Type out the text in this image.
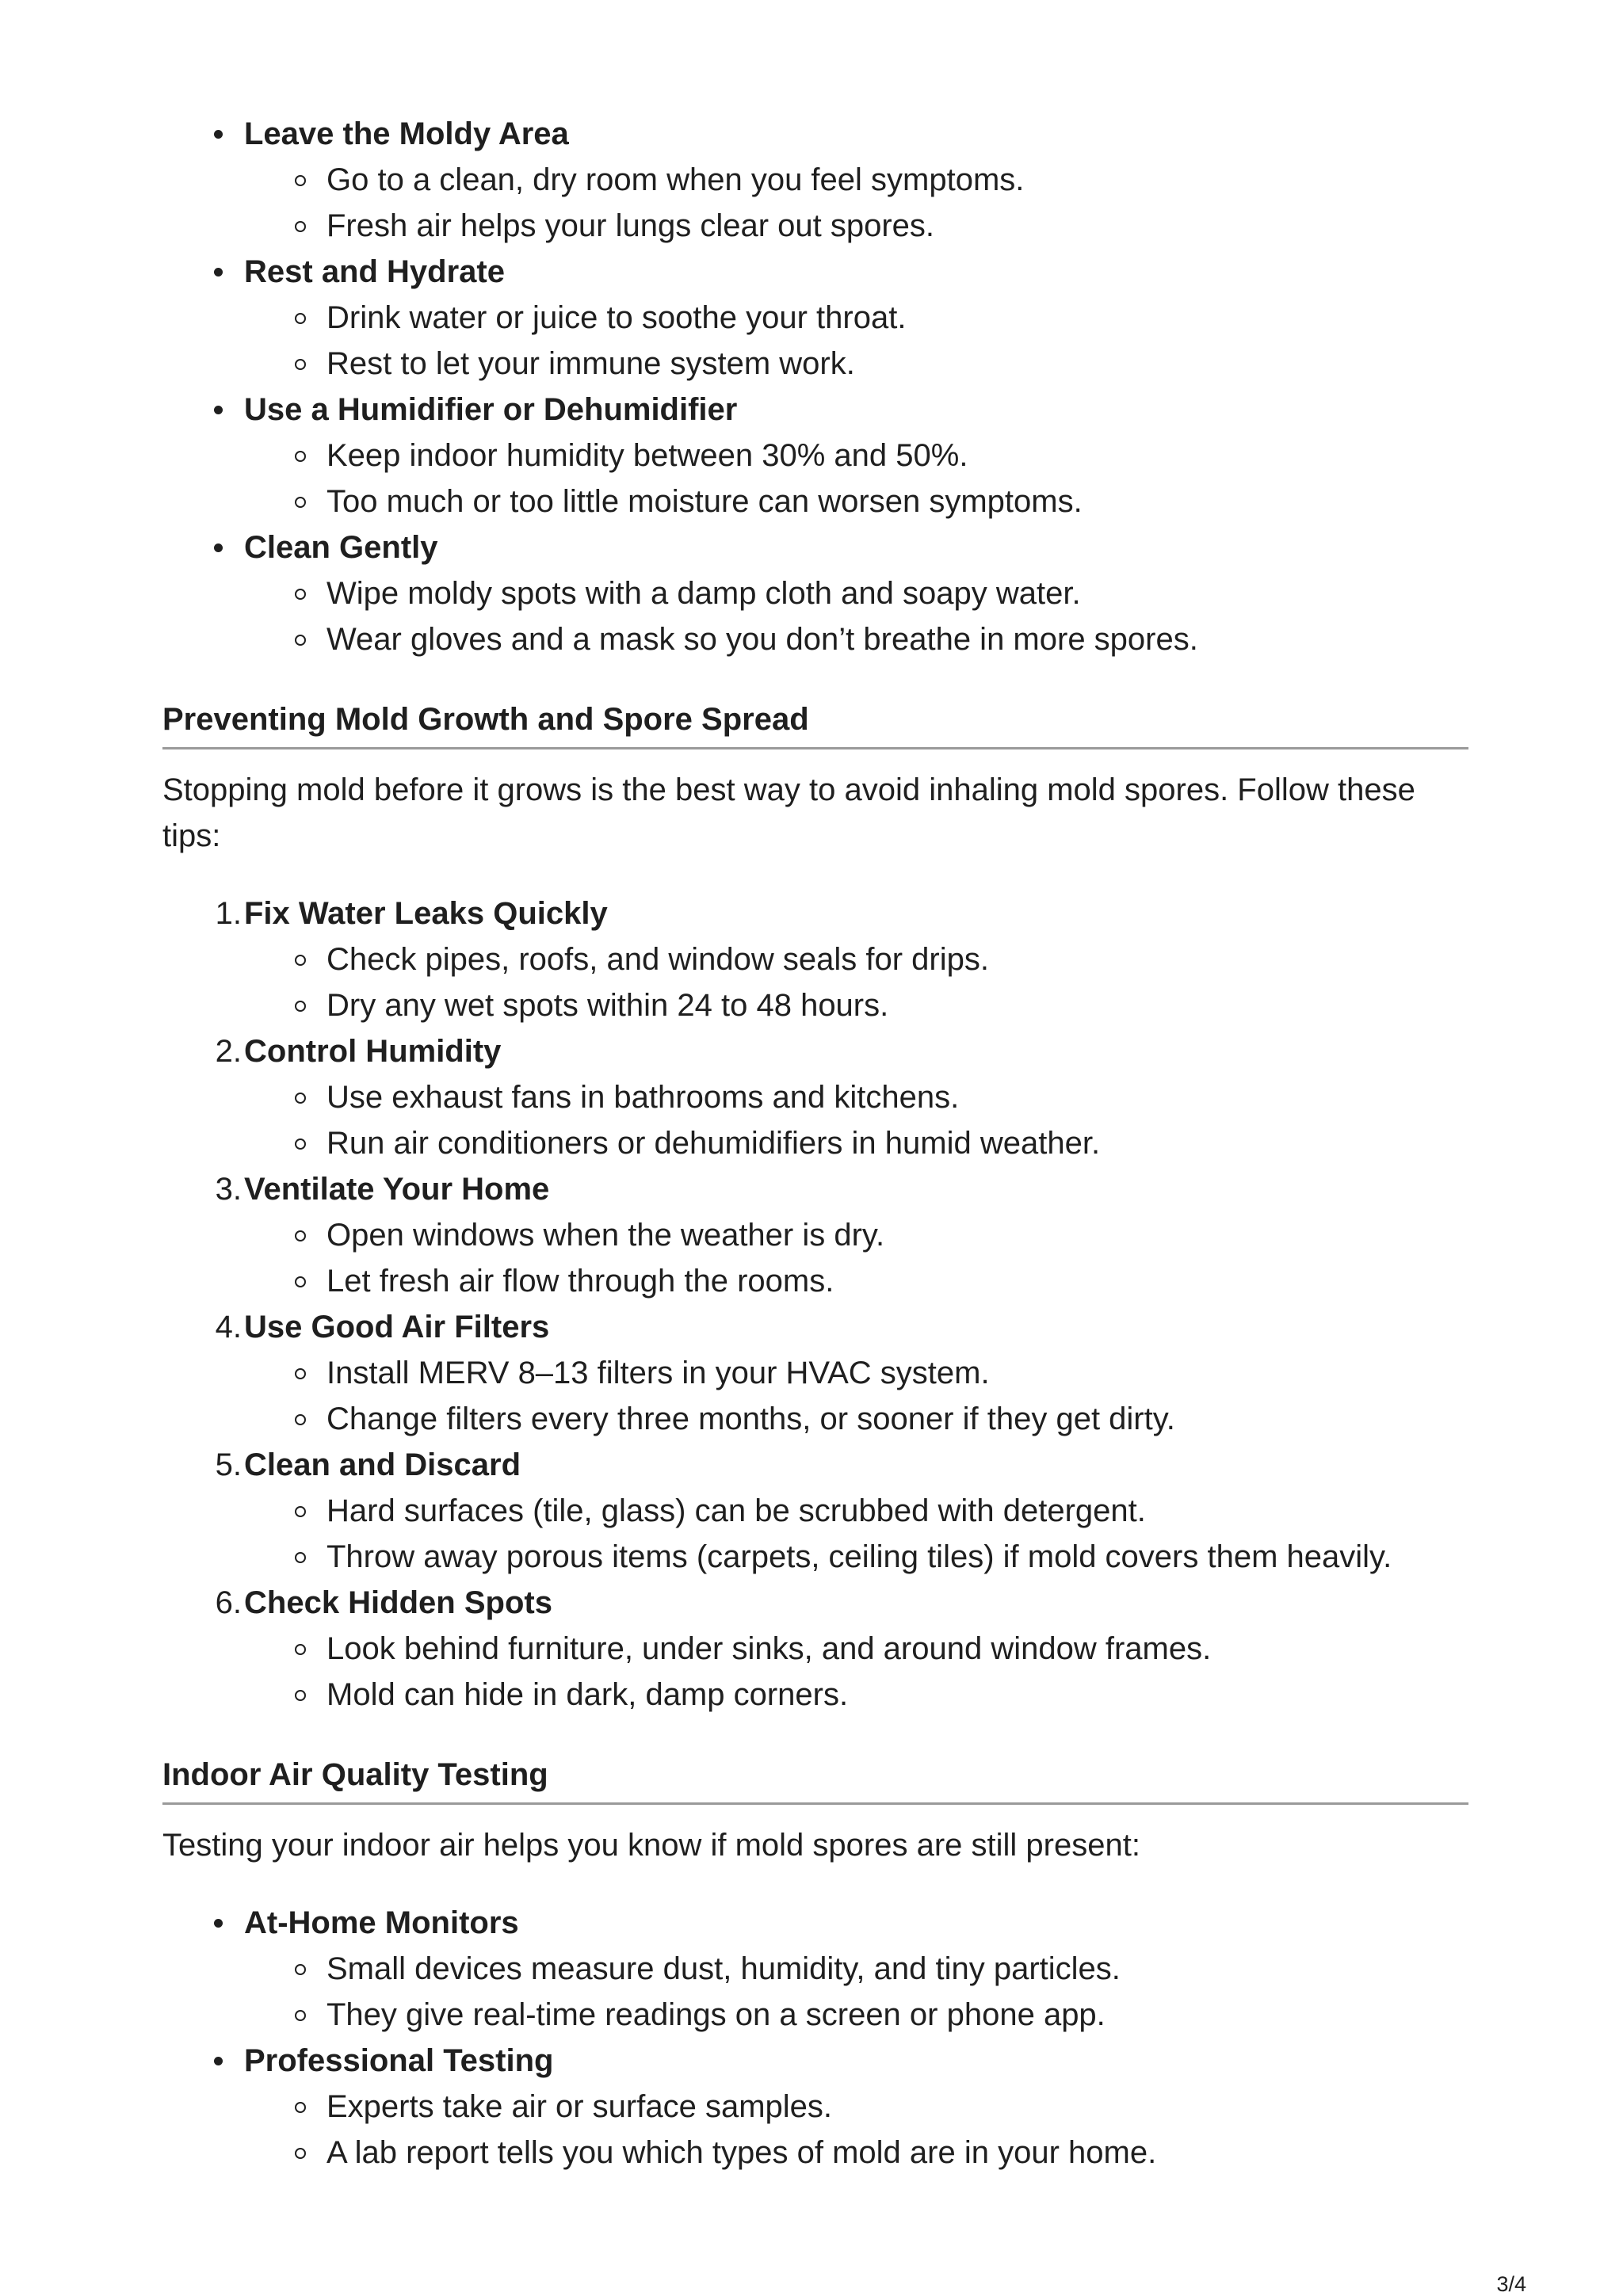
Leave the Moldy Area
Go to a clean, dry room when you feel symptoms.
Fresh air helps your lungs clear out spores.
Rest and Hydrate
Drink water or juice to soothe your throat.
Rest to let your immune system work.
Use a Humidifier or Dehumidifier
Keep indoor humidity between 30% and 50%.
Too much or too little moisture can worsen symptoms.
Clean Gently
Wipe moldy spots with a damp cloth and soapy water.
Wear gloves and a mask so you don’t breathe in more spores.
Preventing Mold Growth and Spore Spread

Stopping mold before it grows is the best way to avoid inhaling mold spores. Follow these
tips:

1. Fix Water Leaks Quickly
Check pipes, roofs, and window seals for drips.
Dry any wet spots within 24 to 48 hours.
2. Control Humidity
Use exhaust fans in bathrooms and kitchens.
Run air conditioners or dehumidifiers in humid weather.
3. Ventilate Your Home
Open windows when the weather is dry.
Let fresh air flow through the rooms.
4. Use Good Air Filters
Install MERV 8–13 filters in your HVAC system.
Change filters every three months, or sooner if they get dirty.
5. Clean and Discard
Hard surfaces (tile, glass) can be scrubbed with detergent.
Throw away porous items (carpets, ceiling tiles) if mold covers them heavily.
6. Check Hidden Spots
Look behind furniture, under sinks, and around window frames.
Mold can hide in dark, damp corners.
Indoor Air Quality Testing

Testing your indoor air helps you know if mold spores are still present:

At-Home Monitors
Small devices measure dust, humidity, and tiny particles.
They give real-time readings on a screen or phone app.
Professional Testing
Experts take air or surface samples.
A lab report tells you which types of mold are in your home.
3/4
